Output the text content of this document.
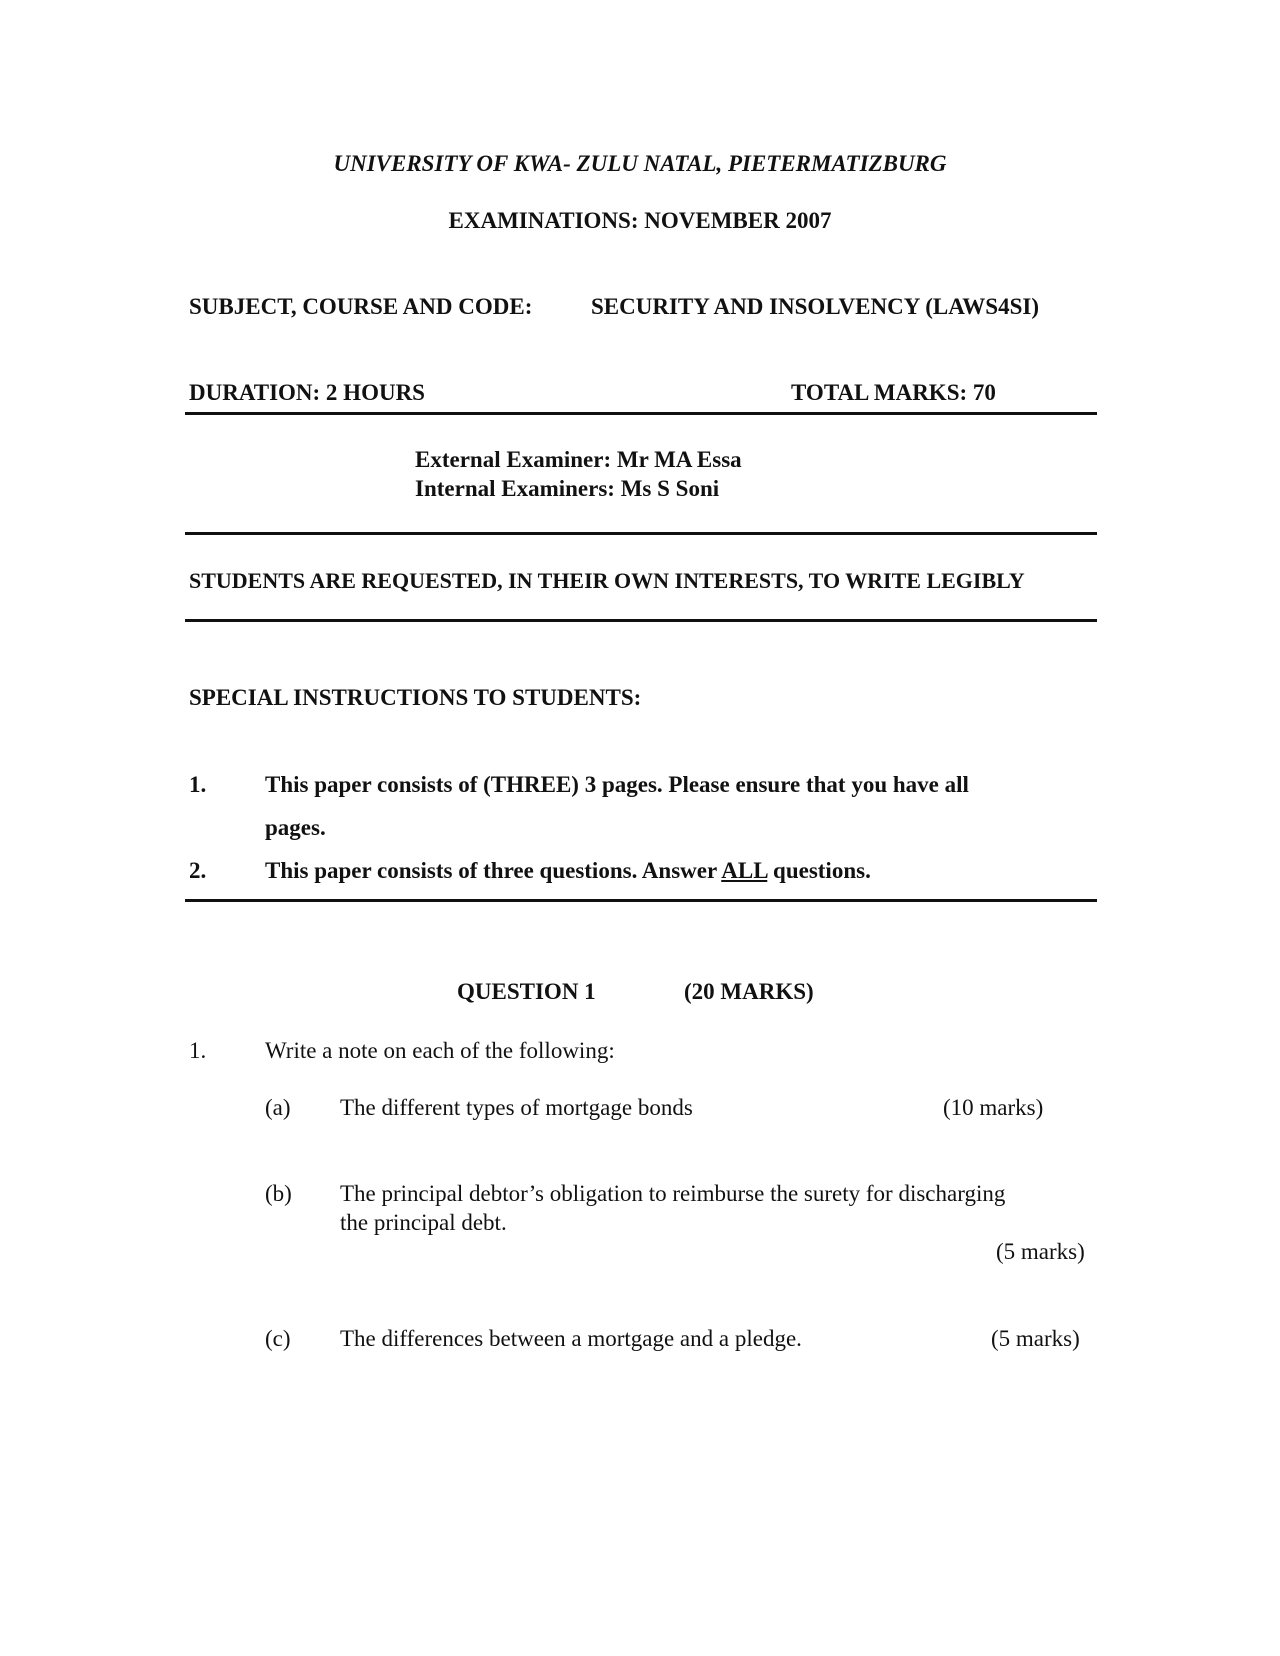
UNIVERSITY OF KWA- ZULU NATAL, PIETERMATIZBURG
EXAMINATIONS: NOVEMBER 2007
SUBJECT, COURSE AND CODE:	SECURITY AND INSOLVENCY (LAWS4SI)
DURATION: 2 HOURS	TOTAL MARKS: 70
External Examiner: Mr MA Essa
Internal Examiners: Ms S Soni
STUDENTS ARE REQUESTED, IN THEIR OWN INTERESTS, TO WRITE LEGIBLY
SPECIAL INSTRUCTIONS TO STUDENTS:
1.	This paper consists of (THREE) 3 pages. Please ensure that you have all
pages.
2.	This paper consists of three questions. Answer ALL questions.
QUESTION 1	(20 MARKS)
1.	Write a note on each of the following:
(a) The different types of mortgage bonds	(10 marks)
(b) The principal debtor’s obligation to reimburse the surety for discharging
the principal debt.
(5 marks)
(c) The differences between a mortgage and a pledge.	(5 marks)
